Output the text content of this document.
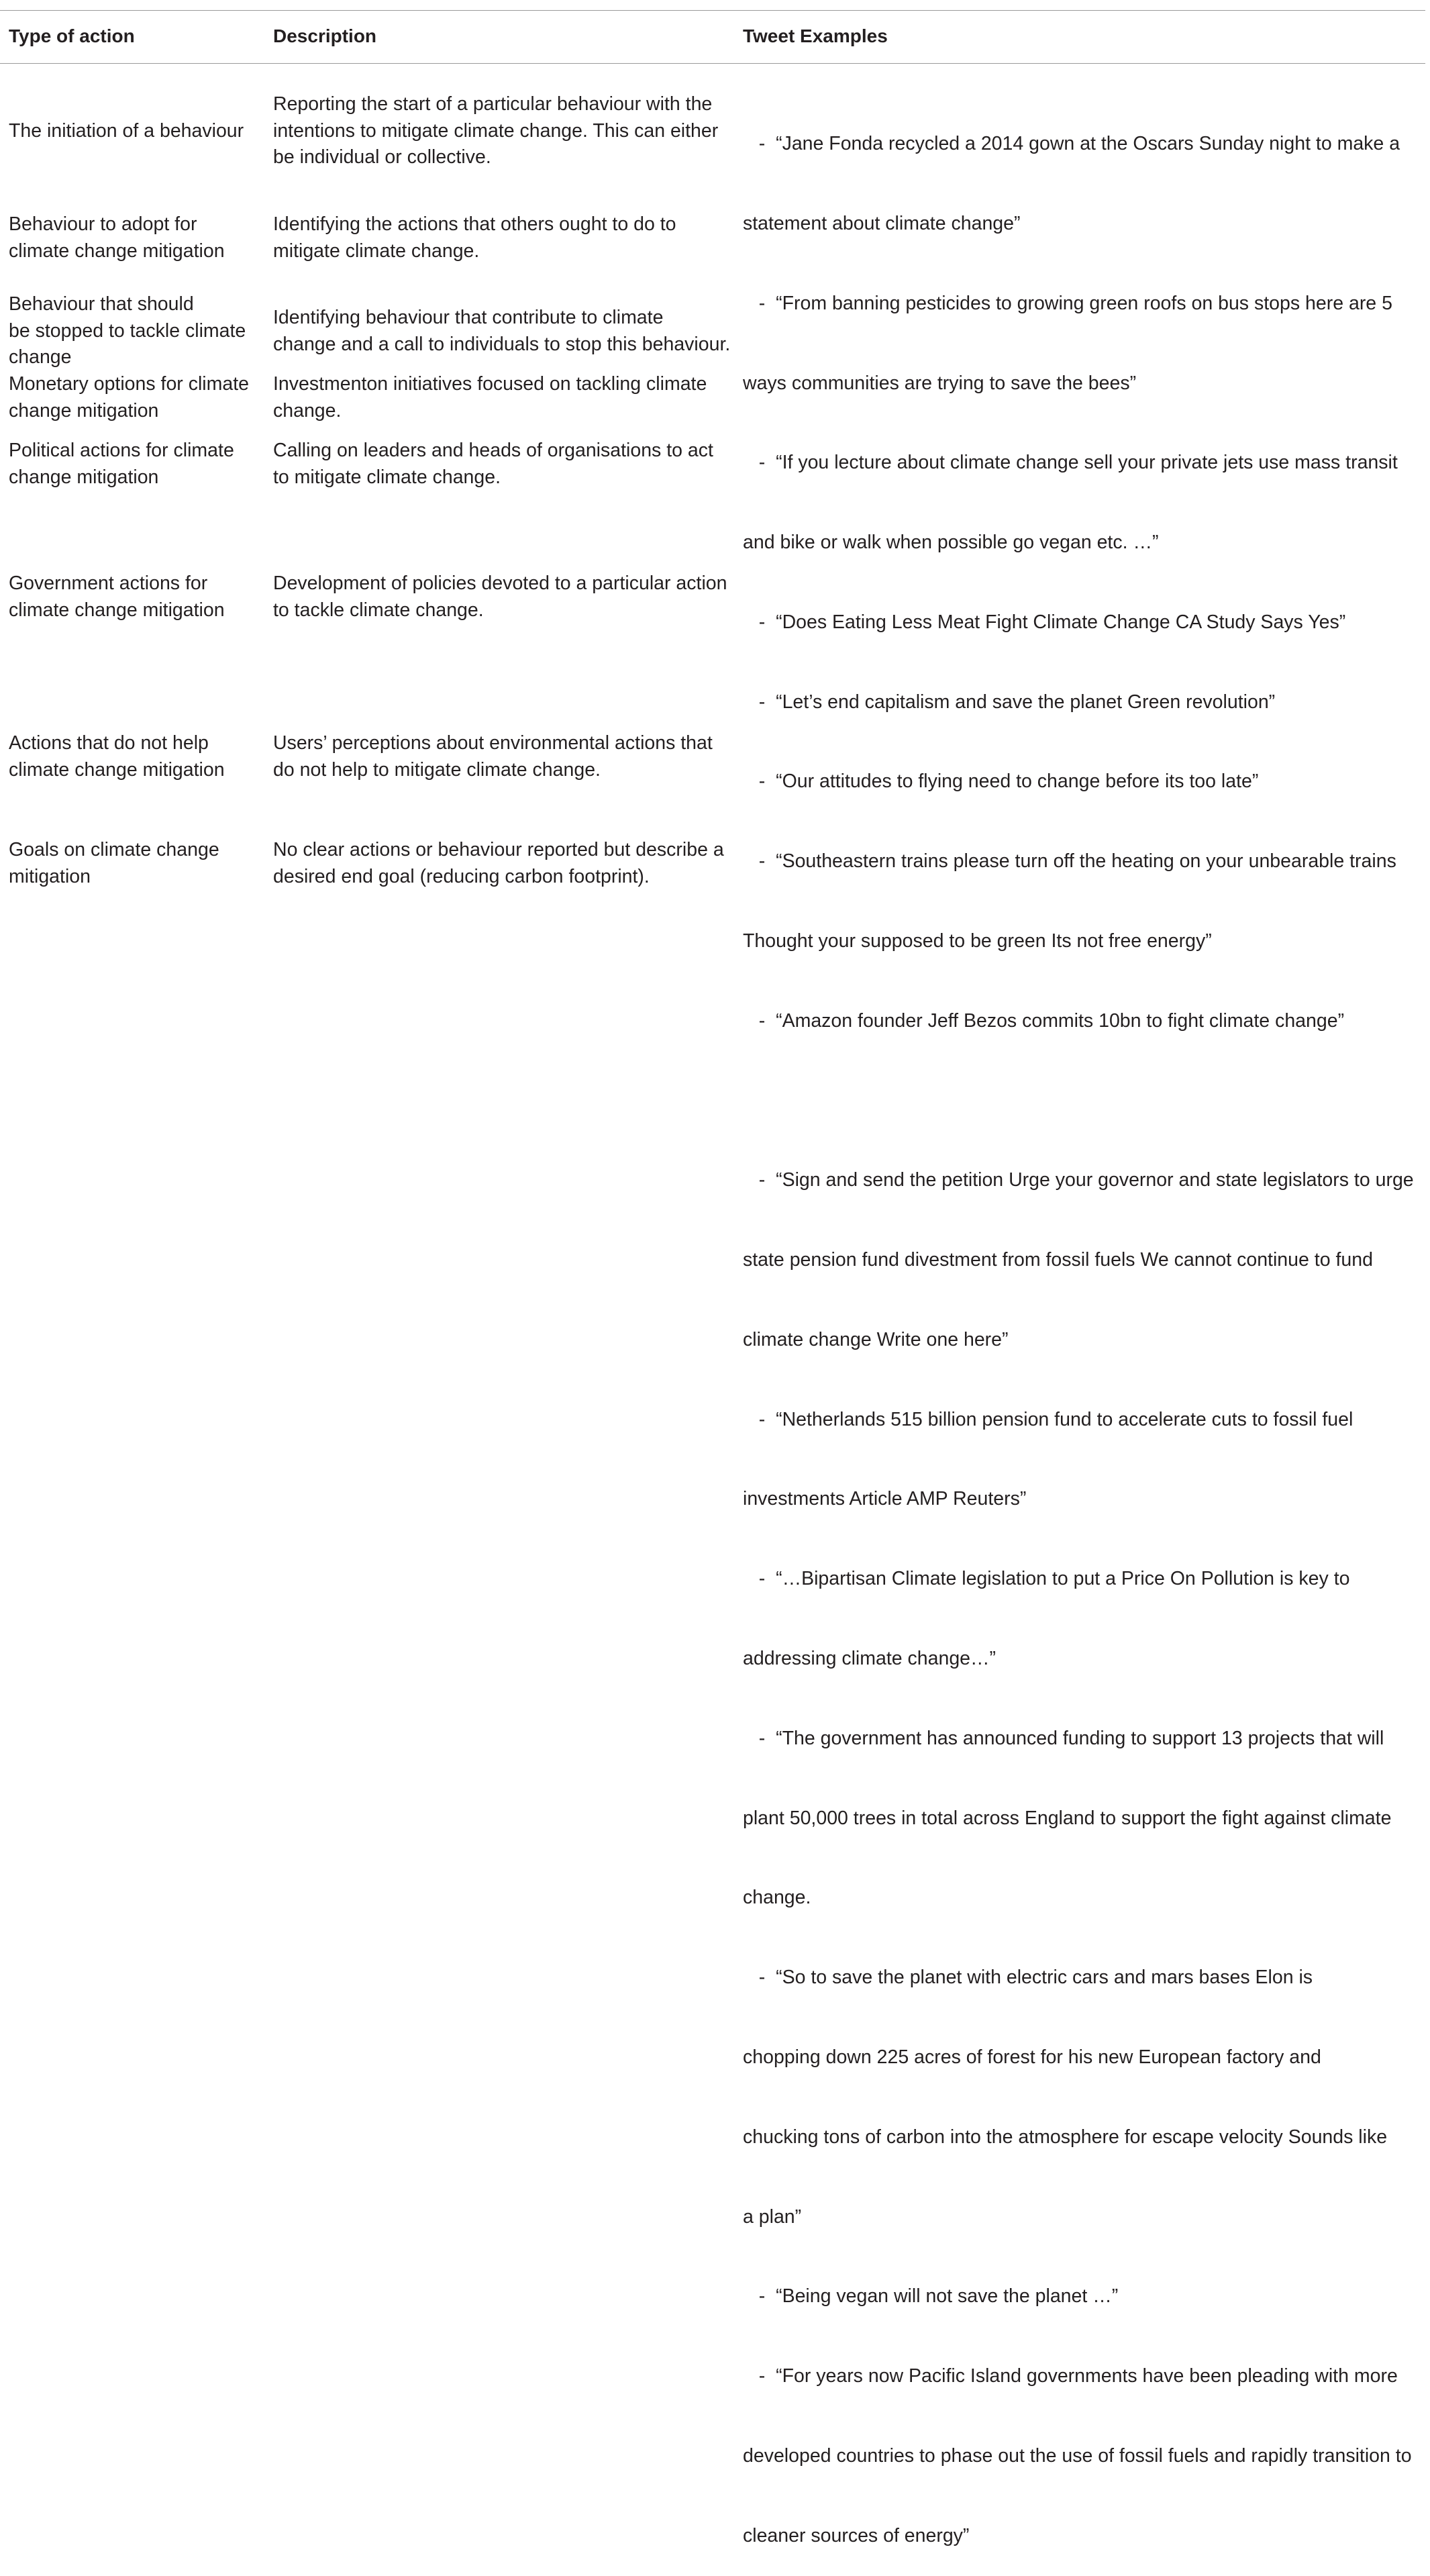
Type of action	Description	Tweet Examples
The initiation of a behaviour
Reporting the start of a particular behaviour with the
intentions to mitigate climate change. This can either
be individual or collective.
Behaviour to adopt for
climate change mitigation
Identifying the actions that others ought to do to
mitigate climate change.
Behaviour that should
be stopped to tackle climate
change
Identifying behaviour that contribute to climate
change and a call to individuals to stop this behaviour.
Monetary options for climate
change mitigation
Investmenton initiatives focused on tackling climate
change.
Political actions for climate
change mitigation
Calling on leaders and heads of organisations to act
to mitigate climate change.
Government actions for
climate change mitigation
Development of policies devoted to a particular action
to tackle climate change.
Actions that do not help
climate change mitigation
Users’ perceptions about environmental actions that
do not help to mitigate climate change.
Goals on climate change
mitigation
No clear actions or behaviour reported but describe a
desired end goal (reducing carbon footprint).

-  “Jane Fonda recycled a 2014 gown at the Oscars Sunday night to make a

statement about climate change”

-  “From banning pesticides to growing green roofs on bus stops here are 5

ways communities are trying to save the bees”

-  “If you lecture about climate change sell your private jets use mass transit

and bike or walk when possible go vegan etc. …”

-  “Does Eating Less Meat Fight Climate Change CA Study Says Yes”

-  “Let’s end capitalism and save the planet Green revolution”

-  “Our attitudes to flying need to change before its too late”

-  “Southeastern trains please turn off the heating on your unbearable trains

Thought your supposed to be green Its not free energy”

-  “Amazon founder Jeff Bezos commits 10bn to fight climate change”

-  “Sign and send the petition Urge your governor and state legislators to urge

state pension fund divestment from fossil fuels We cannot continue to fund

climate change Write one here”

-  “Netherlands 515 billion pension fund to accelerate cuts to fossil fuel

investments Article AMP Reuters”

-  “…Bipartisan Climate legislation to put a Price On Pollution is key to

addressing climate change…”

-  “The government has announced funding to support 13 projects that will

plant 50,000 trees in total across England to support the fight against climate

change.

-  “So to save the planet with electric cars and mars bases Elon is

chopping down 225 acres of forest for his new European factory and

chucking tons of carbon into the atmosphere for escape velocity Sounds like

a plan”

-  “Being vegan will not save the planet …”

-  “For years now Pacific Island governments have been pleading with more

developed countries to phase out the use of fossil fuels and rapidly transition to

cleaner sources of energy”
